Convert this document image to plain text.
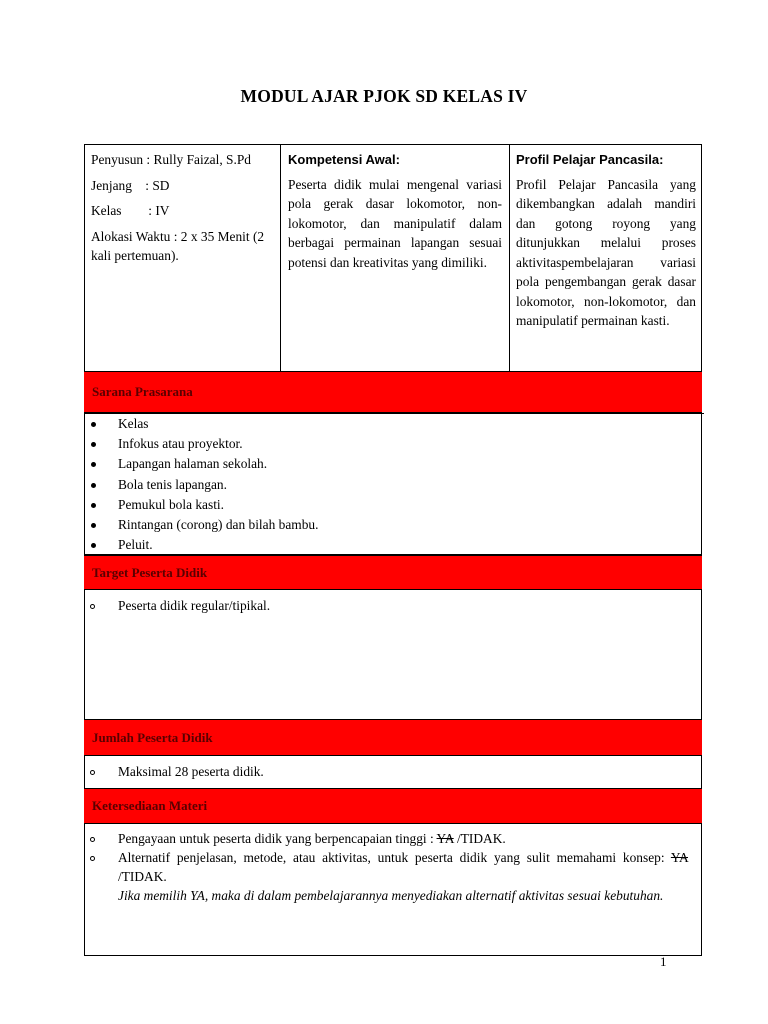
MODUL AJAR PJOK SD KELAS IV
Penyusun : Rully Faizal, S.Pd
Jenjang    : SD
Kelas        : IV
Alokasi Waktu : 2 x 35 Menit (2 kali pertemuan).
Kompetensi Awal:
Peserta didik mulai mengenal variasi pola gerak dasar lokomotor, non-lokomotor, dan manipulatif dalam berbagai permainan lapangan sesuai potensi dan kreativitas yang dimiliki.
Profil Pelajar Pancasila:
Profil Pelajar Pancasila yang dikembangkan adalah mandiri dan gotong royong yang ditunjukkan melalui proses aktivitaspembelajaran variasi pola pengembangan gerak dasar lokomotor, non-lokomotor, dan manipulatif permainan kasti.
Sarana Prasarana
Kelas
Infokus atau proyektor.
Lapangan halaman sekolah.
Bola tenis lapangan.
Pemukul bola kasti.
Rintangan (corong) dan bilah bambu.
Peluit.
Target Peserta Didik
Peserta didik regular/tipikal.
Jumlah Peserta Didik
Maksimal 28 peserta didik.
Ketersediaan Materi
Pengayaan untuk peserta didik yang berpencapaian tinggi : YA /TIDAK.
Alternatif penjelasan, metode, atau aktivitas, untuk peserta didik yang sulit memahami konsep: YA /TIDAK.
Jika memilih YA, maka di dalam pembelajarannya menyediakan alternatif aktivitas sesuai kebutuhan.
1
